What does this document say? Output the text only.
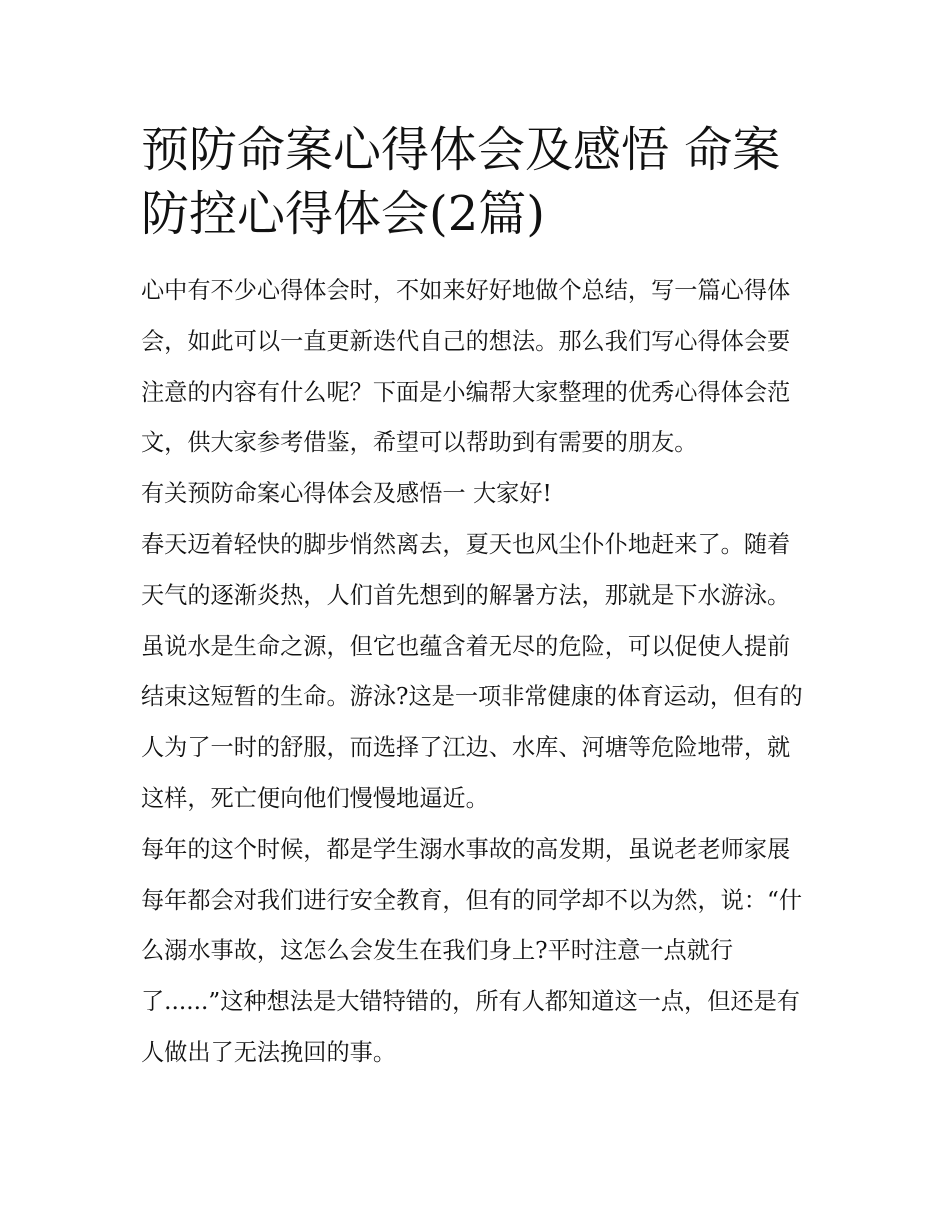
预防命案心得体会及感悟 命案防控心得体会(2篇)

心中有不少心得体会时，不如来好好地做个总结，写一篇心得体会，如此可以一直更新迭代自己的想法。那么我们写心得体会要注意的内容有什么呢？下面是小编帮大家整理的优秀心得体会范文，供大家参考借鉴，希望可以帮助到有需要的朋友。

有关预防命案心得体会及感悟一 大家好!

春天迈着轻快的脚步悄然离去，夏天也风尘仆仆地赶来了。随着天气的逐渐炎热，人们首先想到的解暑方法，那就是下水游泳。虽说水是生命之源，但它也蕴含着无尽的危险，可以促使人提前结束这短暂的生命。游泳?这是一项非常健康的体育运动，但有的人为了一时的舒服，而选择了江边、水库、河塘等危险地带，就这样，死亡便向他们慢慢地逼近。

每年的这个时候，都是学生溺水事故的高发期，虽说老老师家展每年都会对我们进行安全教育，但有的同学却不以为然，说：“什么溺水事故，这怎么会发生在我们身上?平时注意一点就行了......”这种想法是大错特错的，所有人都知道这一点，但还是有人做出了无法挽回的事。
